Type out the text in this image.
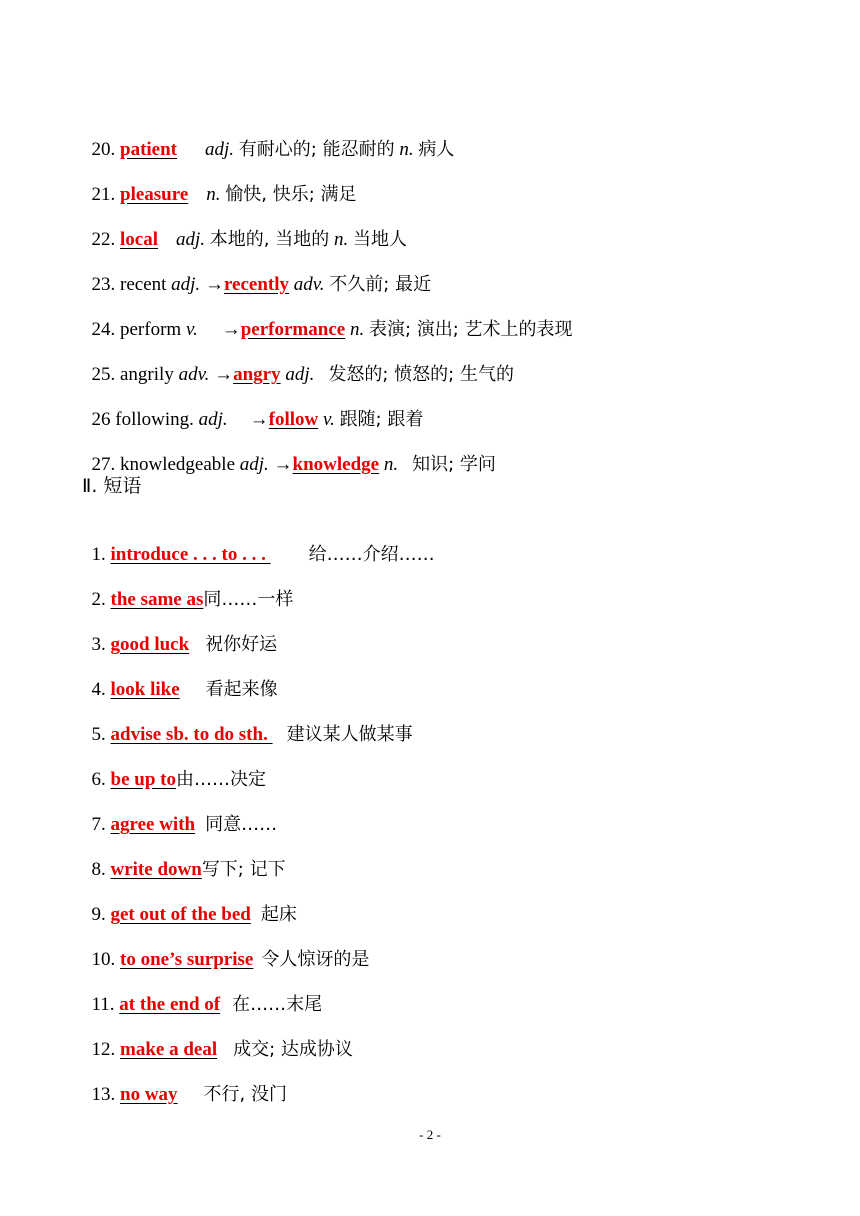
20. patient adj. 有耐心的; 能忍耐的 n. 病人

21. pleasure n. 愉快, 快乐; 满足

22. local adj. 本地的, 当地的 n. 当地人

23. recent adj. →recently adv. 不久前; 最近

24. perform v. →performance n. 表演; 演出; 艺术上的表现

25. angrily adv. →angry adj. 发怒的; 愤怒的; 生气的

26 following. adj. →follow v. 跟随; 跟着

27. knowledgeable adj. →knowledge n. 知识; 学问

Ⅱ. 短语

1. introduce . . . to . . . 给……介绍……

2. the same as同……一样

3. good luck 祝你好运

4. look like 看起来像

5. advise sb. to do sth. 建议某人做某事

6. be up to由……决定

7. agree with 同意……

8. write down写下; 记下

9. get out of the bed 起床

10. to one’s surprise 令人惊讶的是

11. at the end of 在……末尾

12. make a deal 成交; 达成协议

13. no way 不行, 没门

- 2 -
